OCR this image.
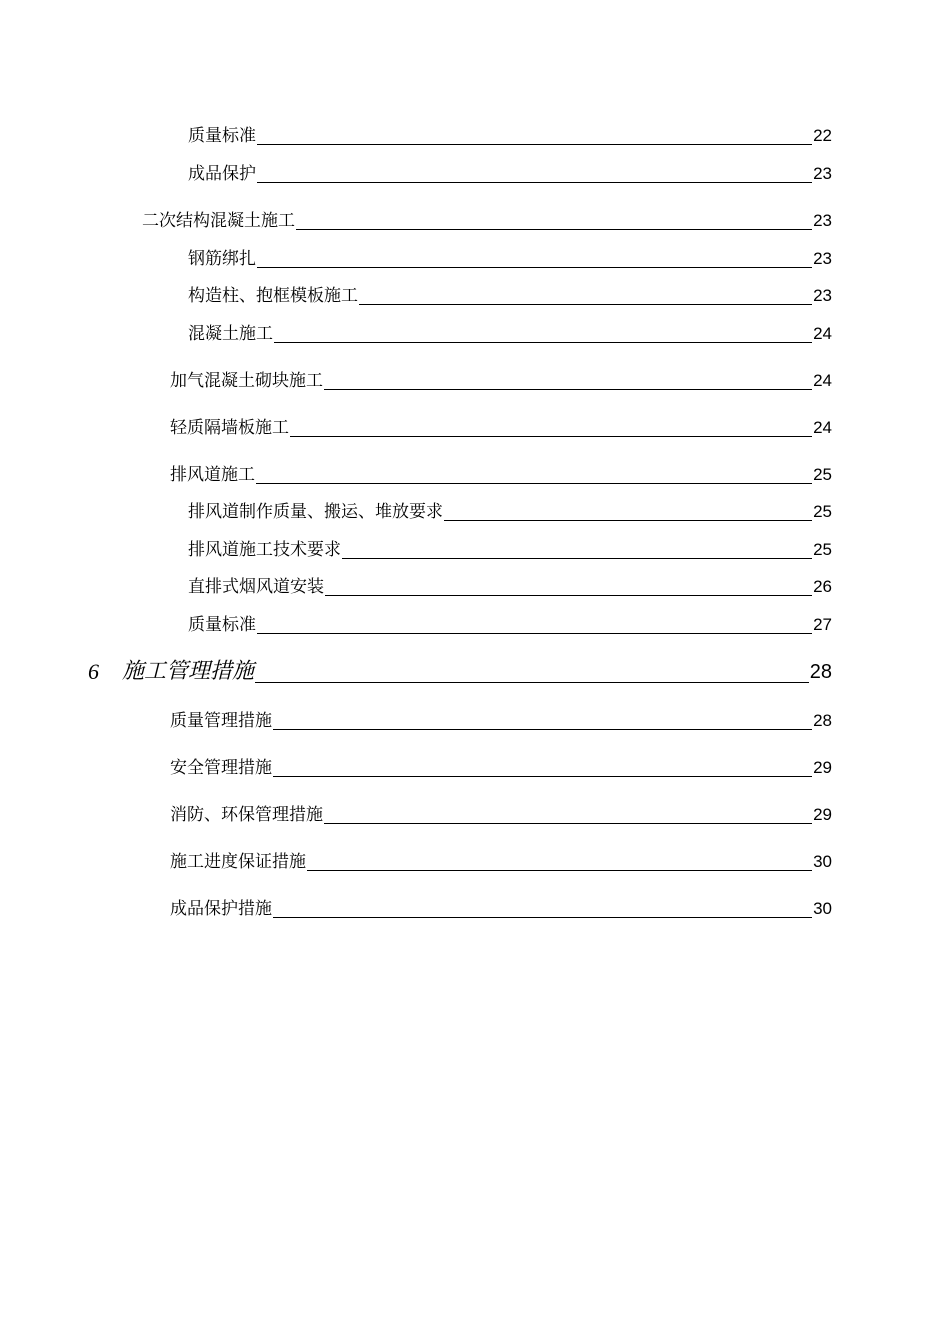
质量标准	22
成品保护	23
二次结构混凝土施工	23
钢筋绑扎	23
构造柱、抱框模板施工	23
混凝土施工	24
加气混凝土砌块施工	24
轻质隔墙板施工	24
排风道施工	25
排风道制作质量、搬运、堆放要求	25
排风道施工技术要求	25
直排式烟风道安装	26
质量标准	27
6	施工管理措施	28
质量管理措施	28
安全管理措施	29
消防、环保管理措施	29
施工进度保证措施	30
成品保护措施	30
